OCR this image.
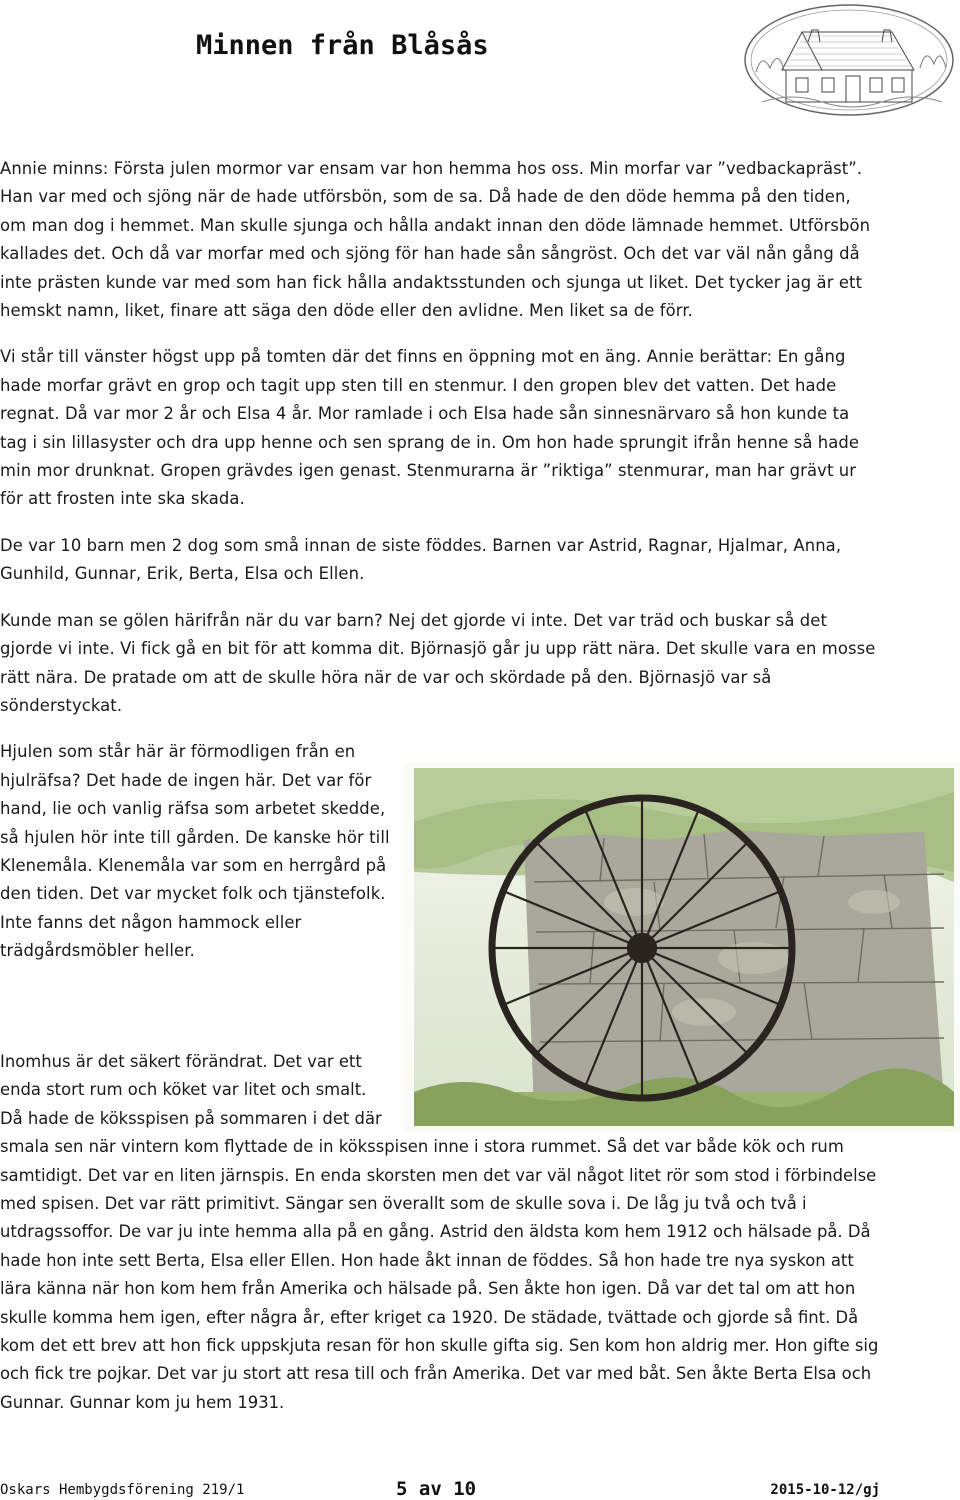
Minnen från Blåsås

Annie minns: Första julen mormor var ensam var hon hemma hos oss. Min morfar var ”vedbackapräst”. Han var med och sjöng när de hade utförsbön, som de sa. Då hade de den döde hemma på den tiden, om man dog i hemmet. Man skulle sjunga och hålla andakt innan den döde lämnade hemmet. Utförsbön kallades det. Och då var morfar med och sjöng för han hade sån sångröst. Och det var väl nån gång då inte prästen kunde var med som han fick hålla andaktsstunden och sjunga ut liket. Det tycker jag är ett hemskt namn, liket, finare att säga den döde eller den avlidne. Men liket sa de förr.

Vi står till vänster högst upp på tomten där det finns en öppning mot en äng. Annie berättar: En gång hade morfar grävt en grop och tagit upp sten till en stenmur. I den gropen blev det vatten. Det hade regnat. Då var mor 2 år och Elsa 4 år. Mor ramlade i och Elsa hade sån sinnesnärvaro så hon kunde ta tag i sin lillasyster och dra upp henne och sen sprang de in. Om hon hade sprungit ifrån henne så hade min mor drunknat. Gropen grävdes igen genast. Stenmurarna är ”riktiga” stenmurar, man har grävt ur för att frosten inte ska skada.

De var 10 barn men 2 dog som små innan de siste föddes. Barnen var Astrid, Ragnar, Hjalmar, Anna, Gunhild, Gunnar, Erik, Berta, Elsa och Ellen.

Kunde man se gölen härifrån när du var barn? Nej det gjorde vi inte. Det var träd och buskar så det gjorde vi inte. Vi fick gå en bit för att komma dit. Björnasjö går ju upp rätt nära. Det skulle vara en mosse rätt nära. De pratade om att de skulle höra när de var och skördade på den. Björnasjö var så sönderstyckat.

Hjulen som står här är förmodligen från en hjulräfsa? Det hade de ingen här. Det var för hand, lie och vanlig räfsa som arbetet skedde, så hjulen hör inte till gården. De kanske hör till Klenemåla. Klenemåla var som en herrgård på den tiden. Det var mycket folk och tjänstefolk. Inte fanns det någon hammock eller trädgårdsmöbler heller.

Inomhus är det säkert förändrat. Det var ett enda stort rum och köket var litet och smalt. Då hade de köksspisen på sommaren i det där smala sen när vintern kom flyttade de in köksspisen inne i stora rummet. Så det var både kök och rum samtidigt. Det var en liten järnspis. En enda skorsten men det var väl något litet rör som stod i förbindelse med spisen. Det var rätt primitivt. Sängar sen överallt som de skulle sova i. De låg ju två och två i utdragssoffor. De var ju inte hemma alla på en gång. Astrid den äldsta kom hem 1912 och hälsade på. Då hade hon inte sett Berta, Elsa eller Ellen. Hon hade åkt innan de föddes. Så hon hade tre nya syskon att lära känna när hon kom hem från Amerika och hälsade på. Sen åkte hon igen. Då var det tal om att hon skulle komma hem igen, efter några år, efter kriget ca 1920. De städade, tvättade och gjorde så fint. Då kom det ett brev att hon fick uppskjuta resan för hon skulle gifta sig. Sen kom hon aldrig mer. Hon gifte sig och fick tre pojkar. Det var ju stort att resa till och från Amerika. Det var med båt. Sen åkte Berta Elsa och Gunnar. Gunnar kom ju hem 1931.

Oskars Hembygdsförening 219/1	5 av 10	2015-10-12/gj
